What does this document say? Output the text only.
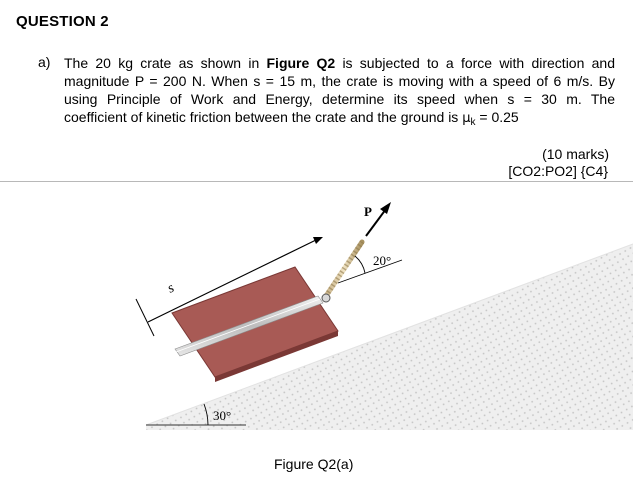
QUESTION 2
a) The 20 kg crate as shown in Figure Q2 is subjected to a force with direction and
magnitude P = 200 N. When s = 15 m, the crate is moving with a speed of 6 m/s. By
using Principle of Work and Energy, determine its speed when s = 30 m. The
coefficient of kinetic friction between the crate and the ground is $\mu_k = 0.25$
(10 marks)
[CO2:PO2] {C4}
s
P
20°
30°
Figure Q2(a)
